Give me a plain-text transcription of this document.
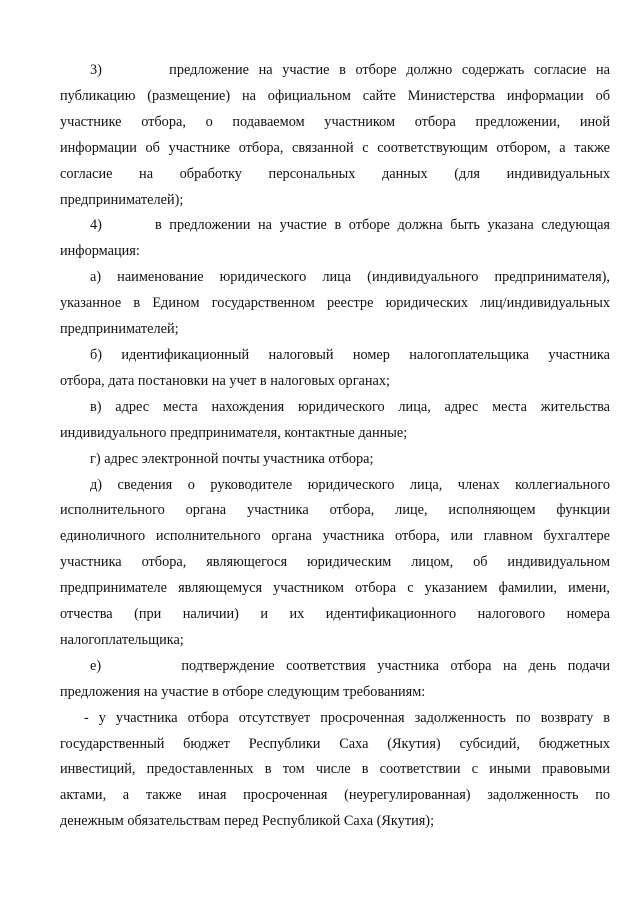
3)       предложение на участие в отборе должно содержать согласие на
публикацию (размещение) на официальном сайте Министерства информации об
участнике отбора, о подаваемом участником отбора предложении, иной
информации об участнике отбора, связанной с соответствующим отбором, а также
согласие на обработку персональных данных (для индивидуальных
предпринимателей);
4)       в предложении на участие в отборе должна быть указана следующая
информация:
а) наименование юридического лица (индивидуального предпринимателя),
указанное в Едином государственном реестре юридических лиц/индивидуальных
предпринимателей;
б) идентификационный налоговый номер налогоплательщика участника
отбора, дата постановки на учет в налоговых органах;
в) адрес места нахождения юридического лица, адрес места жительства
индивидуального предпринимателя, контактные данные;
г) адрес электронной почты участника отбора;
д) сведения о руководителе юридического лица, членах коллегиального
исполнительного органа участника отбора, лице, исполняющем функции
единоличного исполнительного органа участника отбора, или главном бухгалтере
участника отбора, являющегося юридическим лицом, об индивидуальном
предпринимателе являющемуся участником отбора с указанием фамилии, имени,
отчества (при наличии) и их идентификационного налогового номера
налогоплательщика;
е)       подтверждение соответствия участника отбора на день подачи
предложения на участие в отборе следующим требованиям:
- у участника отбора отсутствует просроченная задолженность по возврату в
государственный бюджет Республики Саха (Якутия) субсидий, бюджетных
инвестиций, предоставленных в том числе в соответствии с иными правовыми
актами, а также иная просроченная (неурегулированная) задолженность по
денежным обязательствам перед Республикой Саха (Якутия);
